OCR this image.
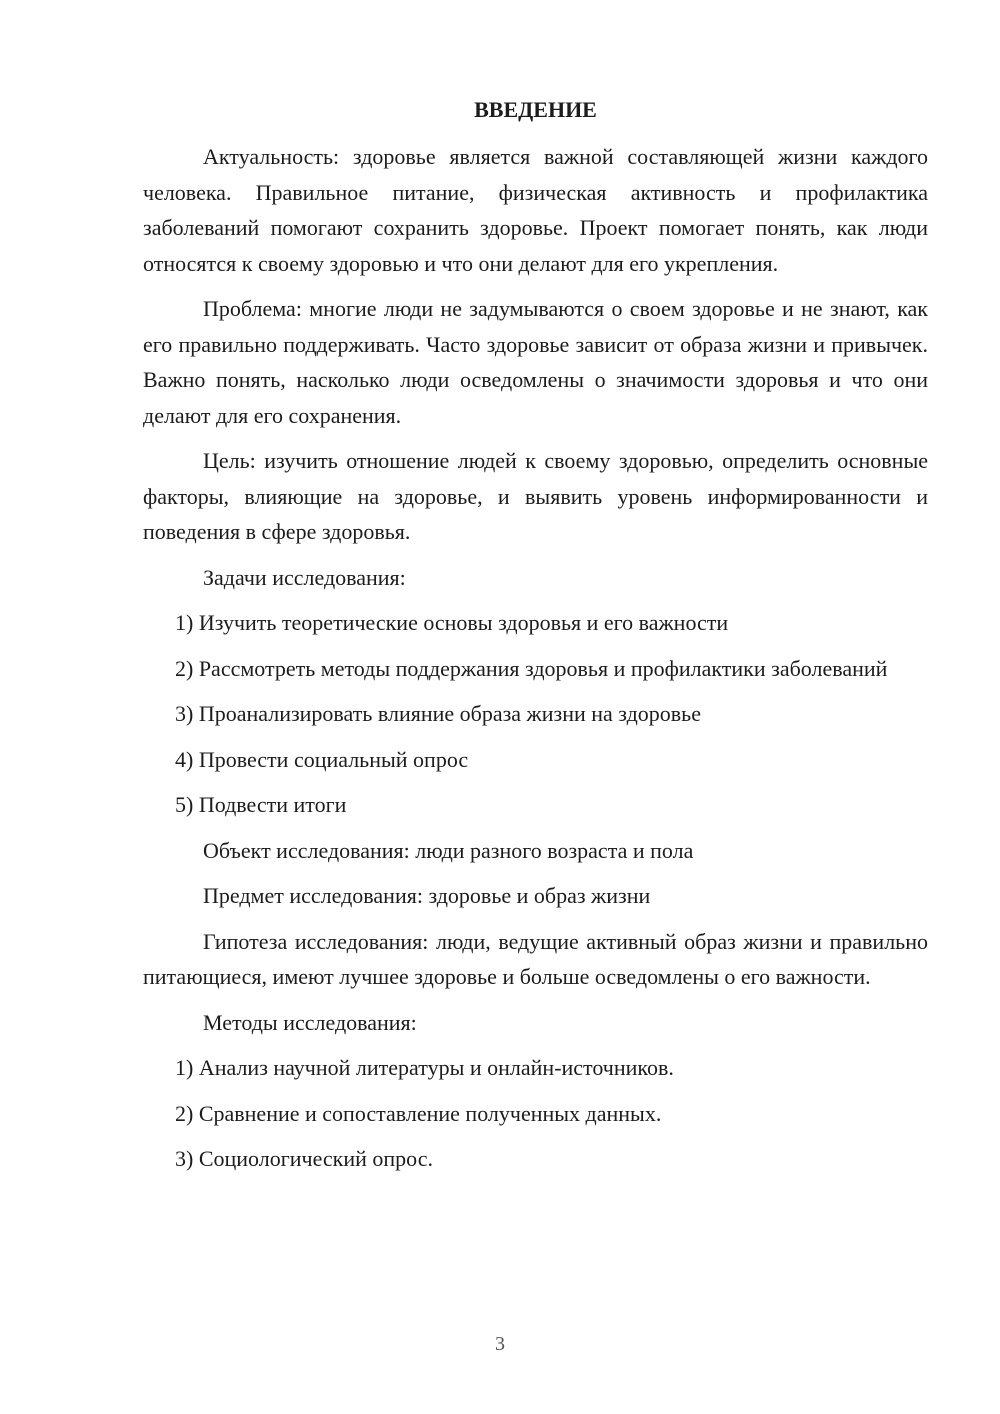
ВВЕДЕНИЕ
Актуальность: здоровье является важной составляющей жизни каждого человека. Правильное питание, физическая активность и профилактика заболеваний помогают сохранить здоровье. Проект помогает понять, как люди относятся к своему здоровью и что они делают для его укрепления.
Проблема: многие люди не задумываются о своем здоровье и не знают, как его правильно поддерживать. Часто здоровье зависит от образа жизни и привычек. Важно понять, насколько люди осведомлены о значимости здоровья и что они делают для его сохранения.
Цель: изучить отношение людей к своему здоровью, определить основные факторы, влияющие на здоровье, и выявить уровень информированности и поведения в сфере здоровья.
Задачи исследования:
1) Изучить теоретические основы здоровья и его важности
2) Рассмотреть методы поддержания здоровья и профилактики заболеваний
3) Проанализировать влияние образа жизни на здоровье
4) Провести социальный опрос
5) Подвести итоги
Объект исследования: люди разного возраста и пола
Предмет исследования: здоровье и образ жизни
Гипотеза исследования: люди, ведущие активный образ жизни и правильно питающиеся, имеют лучшее здоровье и больше осведомлены о его важности.
Методы исследования:
1) Анализ научной литературы и онлайн-источников.
2) Сравнение и сопоставление полученных данных.
3) Социологический опрос.
3
